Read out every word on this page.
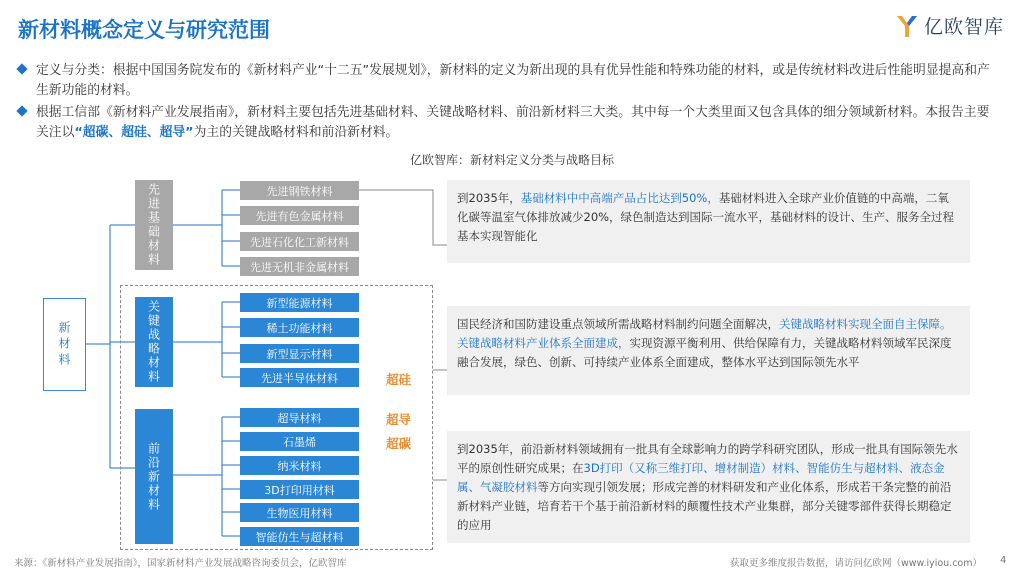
新材料概念定义与研究范围	亿欧智库
定义与分类：根据中国国务院发布的《新材料产业“十二五”发展规划》，新材料的定义为新出现的具有优异性能和特殊功能的材料，或是传统材料改进后性能明显提高和产生新功能的材料。
根据工信部《新材料产业发展指南》，新材料主要包括先进基础材料、关键战略材料、前沿新材料三大类。其中每一个大类里面又包含具体的细分领域新材料。本报告主要关注以“超碳、超硅、超导”为主的关键战略材料和前沿新材料。
亿欧智库：新材料定义分类与战略目标
新材料
先进基础材料
关键战略材料
前沿新材料
先进钢铁材料
先进有色金属材料
先进石化化工新材料
先进无机非金属材料
新型能源材料
稀土功能材料
新型显示材料
先进半导体材料
超导材料
石墨烯
纳米材料
3D打印用材料
生物医用材料
智能仿生与超材料
超硅
超导
超碳
到2035年，基础材料中中高端产品占比达到50%，基础材料进入全球产业价值链的中高端，二氧化碳等温室气体排放减少20%，绿色制造达到国际一流水平，基础材料的设计、生产、服务全过程基本实现智能化
国民经济和国防建设重点领域所需战略材料制约问题全面解决，关键战略材料实现全面自主保障。关键战略材料产业体系全面建成，实现资源平衡利用、供给保障有力，关键战略材料领域军民深度融合发展，绿色、创新、可持续产业体系全面建成，整体水平达到国际领先水平
到2035年，前沿新材料领域拥有一批具有全球影响力的跨学科研究团队，形成一批具有国际领先水平的原创性研究成果；在3D打印（又称三维打印、增材制造）材料、智能仿生与超材料、液态金属、气凝胶材料等方向实现引领发展；形成完善的材料研发和产业化体系，形成若干条完整的前沿新材料产业链，培育若干个基于前沿新材料的颠覆性技术产业集群，部分关键零部件获得长期稳定的应用
来源：《新材料产业发展指南》，国家新材料产业发展战略咨询委员会，亿欧智库	获取更多维度报告数据，请访问亿欧网（www.iyiou.com） 4
